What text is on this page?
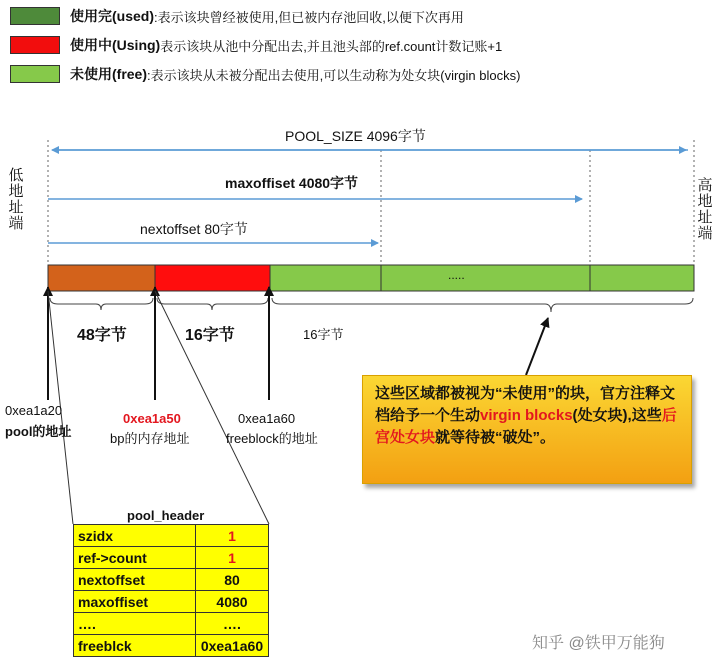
使用完(used) :表示该块曾经被使用,但已被内存池回收,以便下次再用
使用中(Using) 表示该块从池中分配出去,并且池头部的ref.count计数记账+1
未使用(free) :表示该块从未被分配出去使用,可以生动称为处女块(virgin blocks)
POOL_SIZE 4096字节
maxoffiset 4080字节
nextoffset 80字节
低地址端
高地址端
.....
48字节	16字节	16字节
0xea1a20
pool的地址
0xea1a50
bp的内存地址
0xea1a60
freeblock的地址
这些区域都被视为“未使用”的块，官方注释文档给予一个生动virgin blocks(处女块),这些后宫处女块就等待被“破处”。
pool_header
szidx	1
ref->count	1
nextoffset	80
maxoffiset	4080
….	….
freeblck	0xea1a60	知乎 @铁甲万能狗
